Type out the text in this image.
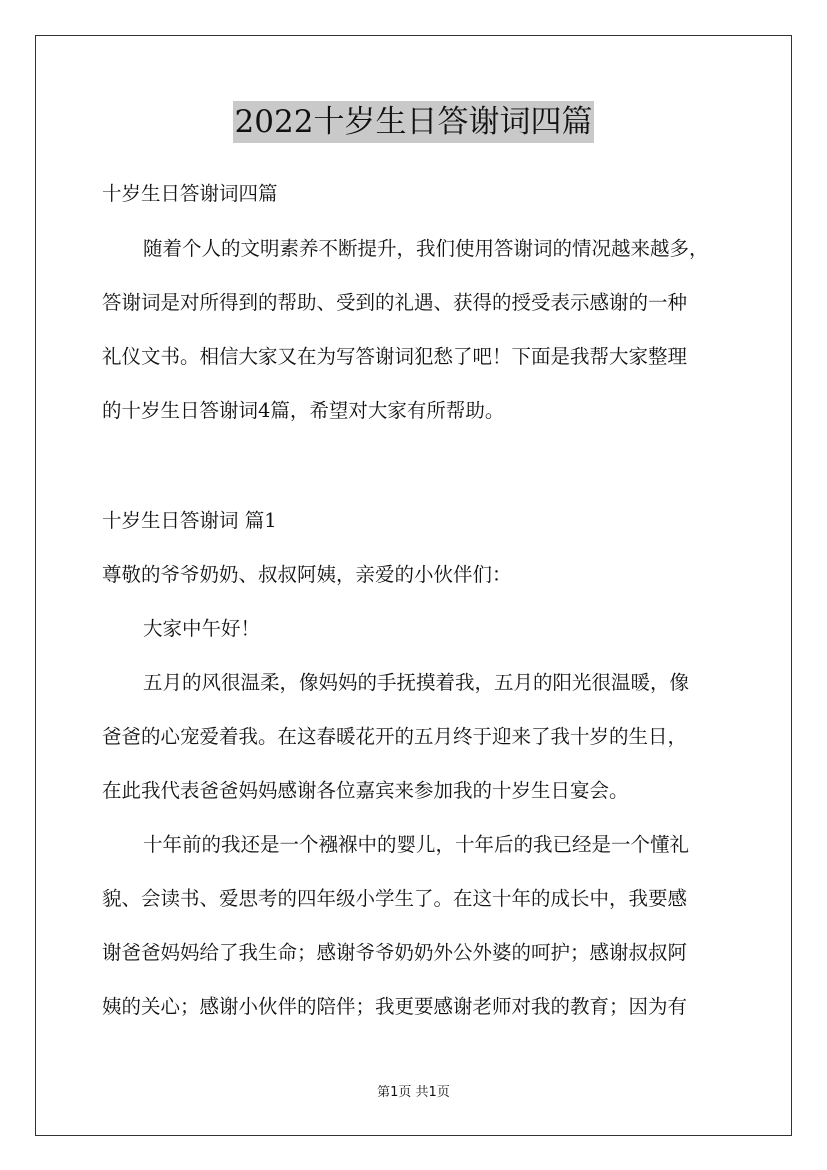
2022十岁生日答谢词四篇
十岁生日答谢词四篇
随着个人的文明素养不断提升，我们使用答谢词的情况越来越多，
答谢词是对所得到的帮助、受到的礼遇、获得的授受表示感谢的一种
礼仪文书。相信大家又在为写答谢词犯愁了吧！下面是我帮大家整理
的十岁生日答谢词4篇，希望对大家有所帮助。
十岁生日答谢词 篇1
尊敬的爷爷奶奶、叔叔阿姨，亲爱的小伙伴们：
大家中午好！
五月的风很温柔，像妈妈的手抚摸着我，五月的阳光很温暖，像
爸爸的心宠爱着我。在这春暖花开的五月终于迎来了我十岁的生日，
在此我代表爸爸妈妈感谢各位嘉宾来参加我的十岁生日宴会。
十年前的我还是一个襁褓中的婴儿，十年后的我已经是一个懂礼
貌、会读书、爱思考的四年级小学生了。在这十年的成长中，我要感
谢爸爸妈妈给了我生命；感谢爷爷奶奶外公外婆的呵护；感谢叔叔阿
姨的关心；感谢小伙伴的陪伴；我更要感谢老师对我的教育；因为有
第1页 共1页
